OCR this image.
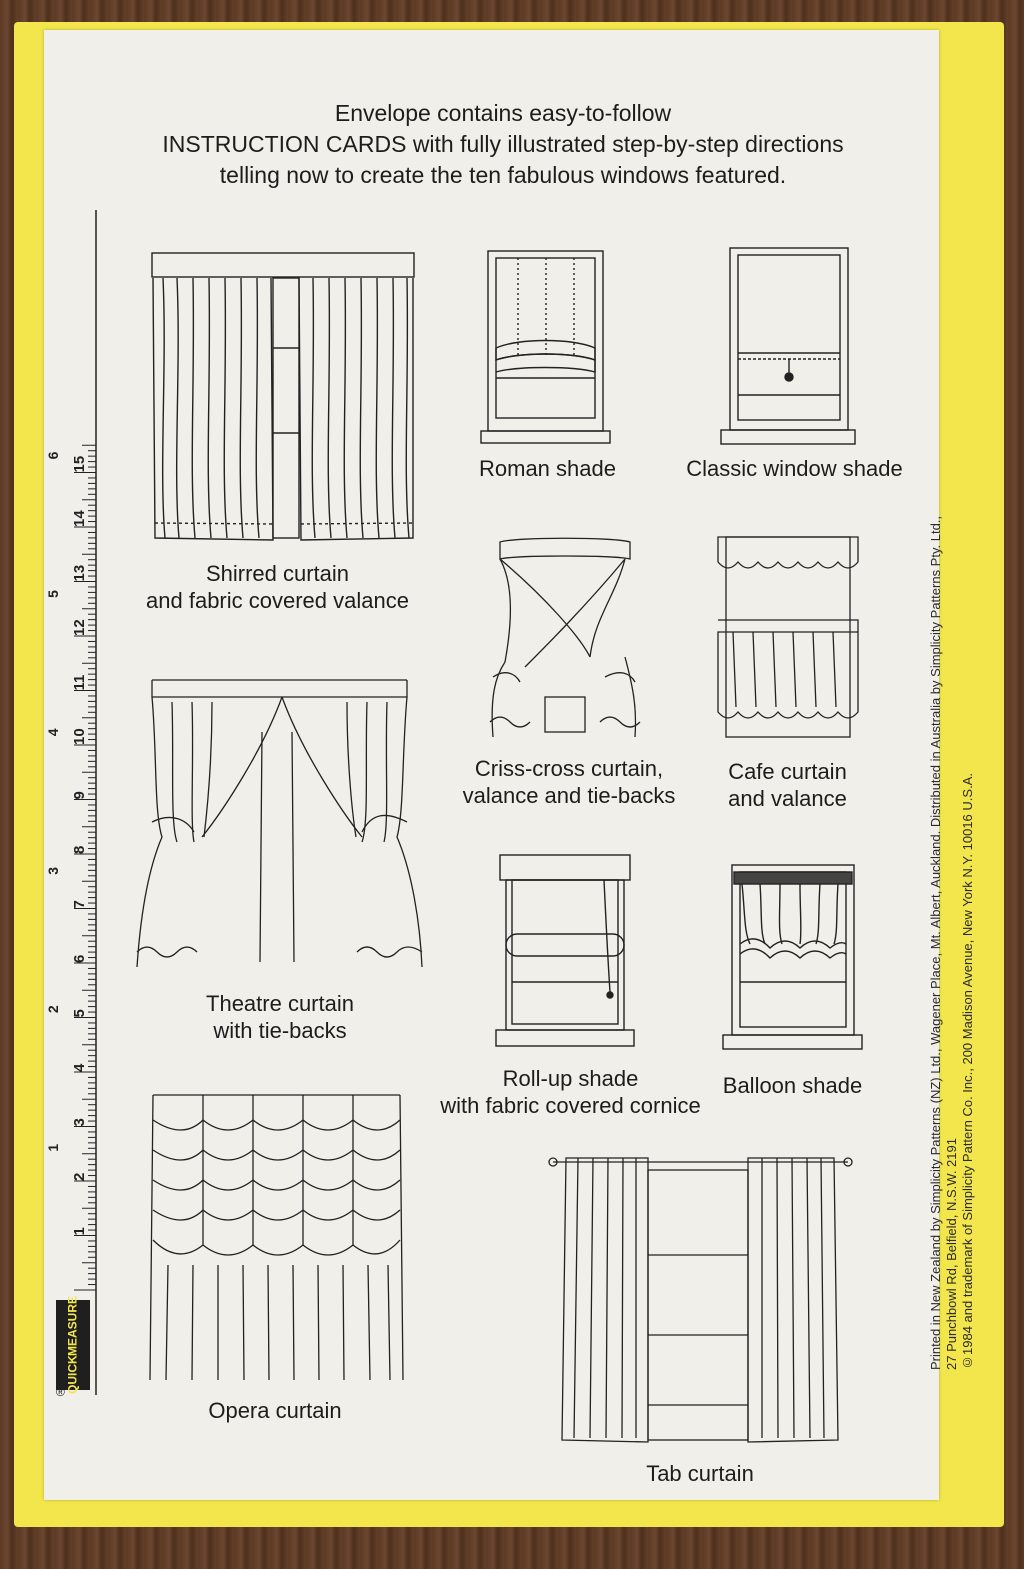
1
2
3
4
5
6
7
8
9
10
11
12
13
14
15
1
2
3
4
5
6
QUICK

MEASURE
®
Envelope contains easy-to-follow
INSTRUCTION CARDS with fully illustrated step-by-step directions
telling now to create the ten fabulous windows featured.
Shirred curtain
and fabric covered valance
Roman shade	Classic window shade
Criss-cross curtain,
valance and tie-backs
Cafe curtain
and valance
Theatre curtain
with tie-backs
Roll-up shade
with fabric covered cornice
Balloon shade
Opera curtain
Tab curtain
Printed in New Zealand by Simplicity Patterns (NZ) Ltd., Wagener Place, Mt. Albert, Auckland. Distributed in Australia by Simplicity Patterns Pty. Ltd., 27 Punchbowl Rd, Belfield, N.S.W. 2191 ©1984 and trademark of Simplicity Pattern Co. Inc., 200 Madison Avenue, New York N.Y. 10016 U.S.A.
